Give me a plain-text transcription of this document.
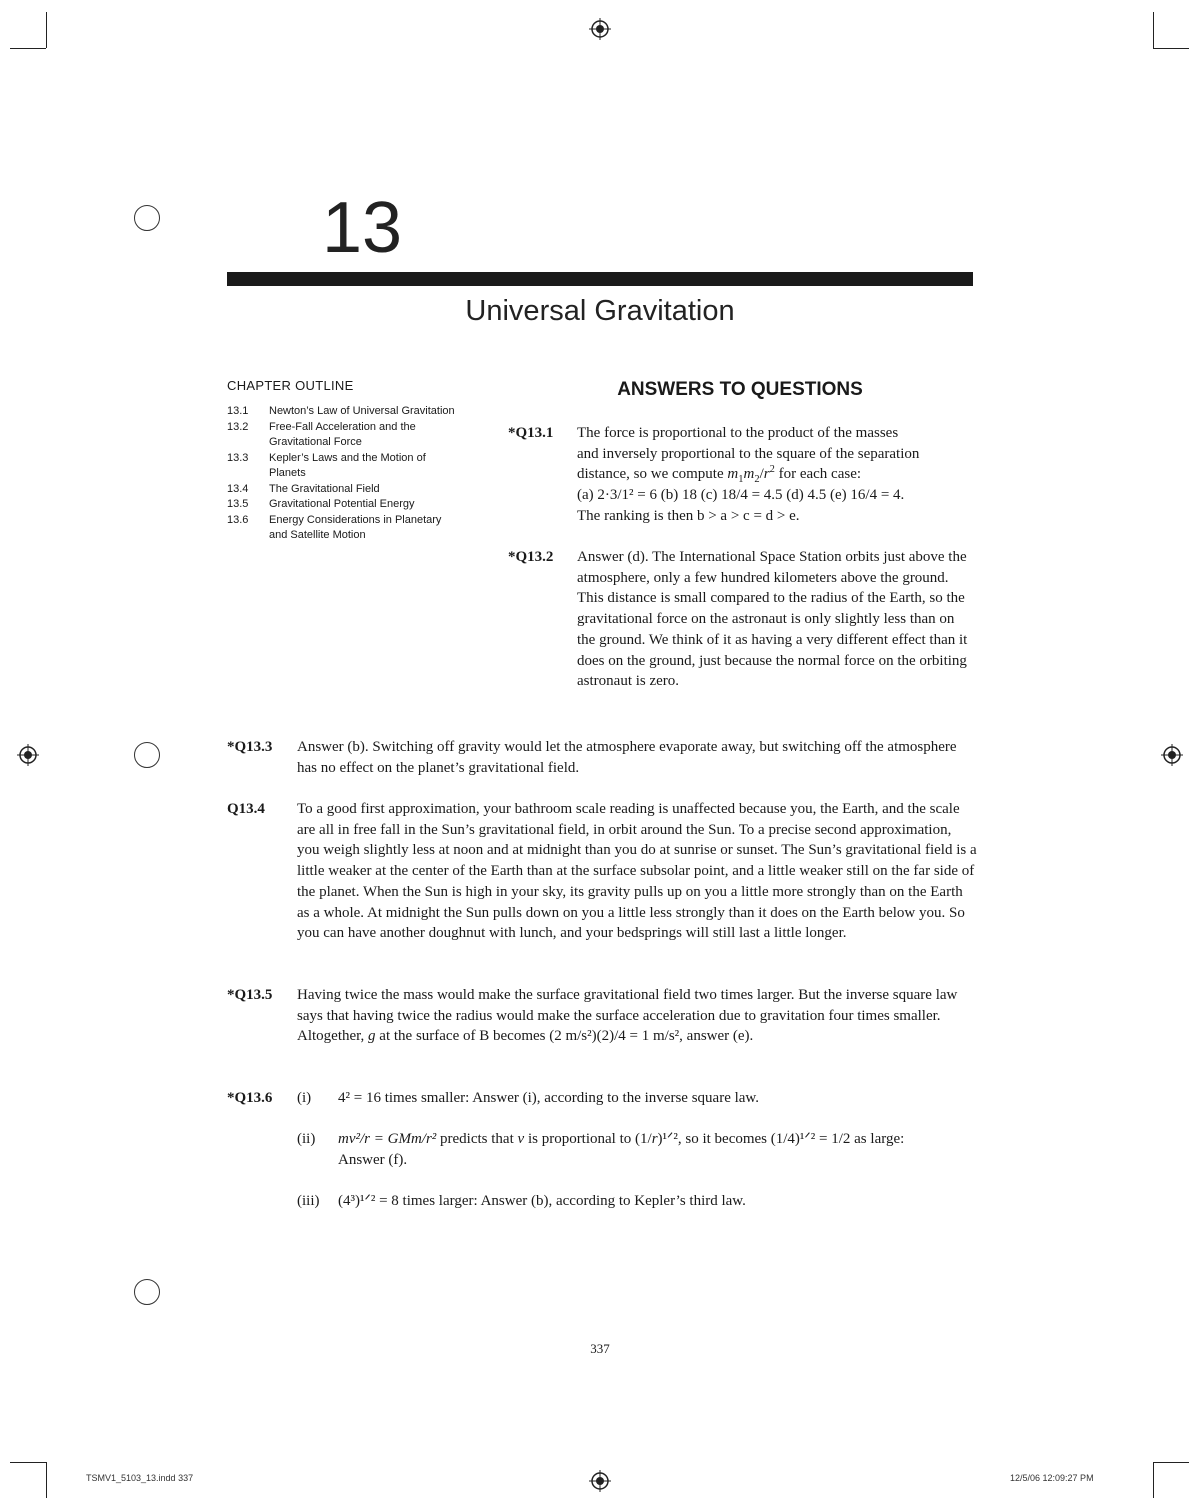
13
Universal Gravitation
CHAPTER OUTLINE
13.1	Newton’s Law of Universal Gravitation
13.2	Free-Fall Acceleration and the Gravitational Force
13.3	Kepler’s Laws and the Motion of Planets
13.4	The Gravitational Field
13.5	Gravitational Potential Energy
13.6	Energy Considerations in Planetary and Satellite Motion
ANSWERS TO QUESTIONS
*Q13.1 The force is proportional to the product of the masses

and inversely proportional to the square of the separation

distance, so we compute $m_1m_2/r^2$ for each case:

(a) 2·3/1² = 6 (b) 18 (c) 18/4 = 4.5 (d) 4.5 (e) 16/4 = 4.

The ranking is then b > a > c = d > e.

*Q13.2 Answer (d). The International Space Station orbits just above the atmosphere, only a few hundred kilometers above the ground. This distance is small compared to the radius of the Earth, so the gravitational force on the astronaut is only slightly less than on the ground. We think of it as having a very different effect than it does on the ground, just because the normal force on the orbiting astronaut is zero.
*Q13.3 Answer (b). Switching off gravity would let the atmosphere evaporate away, but switching off the atmosphere has no effect on the planet’s gravitational field.
Q13.4 To a good first approximation, your bathroom scale reading is unaffected because you, the Earth, and the scale are all in free fall in the Sun’s gravitational field, in orbit around the Sun. To a precise second approximation, you weigh slightly less at noon and at midnight than you do at sunrise or sunset. The Sun’s gravitational field is a little weaker at the center of the Earth than at the surface subsolar point, and a little weaker still on the far side of the planet. When the Sun is high in your sky, its gravity pulls up on you a little more strongly than on the Earth as a whole. At midnight the Sun pulls down on you a little less strongly than it does on the Earth below you. So you can have another doughnut with lunch, and your bedsprings will still last a little longer.
*Q13.5 Having twice the mass would make the surface gravitational field two times larger. But the inverse square law says that having twice the radius would make the surface acceleration due to gravitation four times smaller. Altogether, g at the surface of B becomes (2 m/s²)(2)/4 = 1 m/s², answer (e).
*Q13.6 (i) 4² = 16 times smaller: Answer (i), according to the inverse square law.
(ii) mv²/r = GMm/r² predicts that v is proportional to (1/r)¹ᐟ², so it becomes (1/4)¹ᐟ² = 1/2 as large: Answer (f).
(iii) (4³)¹ᐟ² = 8 times larger: Answer (b), according to Kepler’s third law.
337
TSMV1_5103_13.indd 337	12/5/06 12:09:27 PM
